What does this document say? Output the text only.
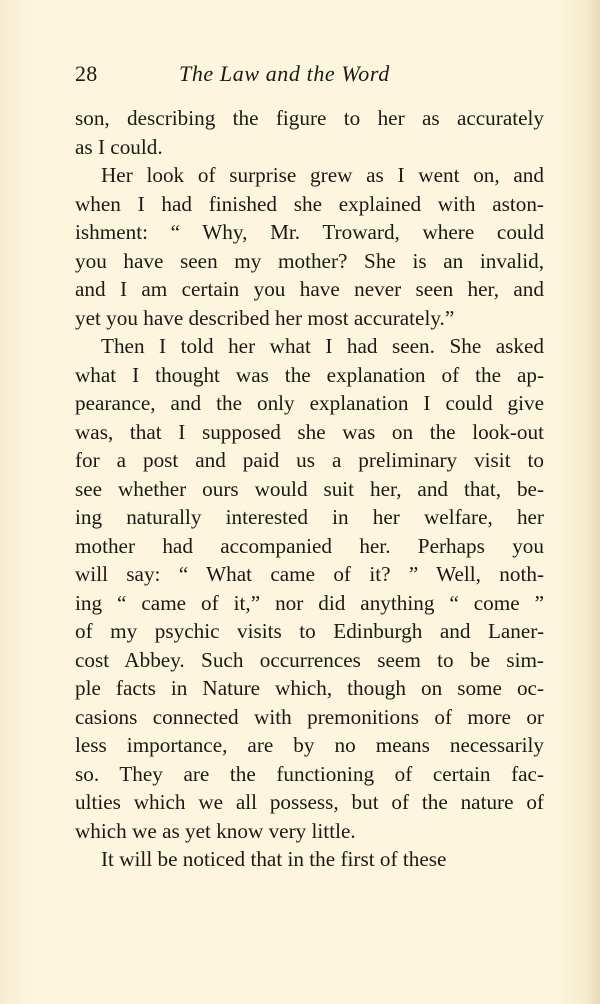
28	The Law and the Word
son, describing the figure to her as accurately
as I could.
Her look of surprise grew as I went on, and
when I had finished she explained with aston-
ishment: “ Why, Mr. Troward, where could
you have seen my mother? She is an invalid,
and I am certain you have never seen her, and
yet you have described her most accurately.”
Then I told her what I had seen. She asked
what I thought was the explanation of the ap-
pearance, and the only explanation I could give
was, that I supposed she was on the look-out
for a post and paid us a preliminary visit to
see whether ours would suit her, and that, be-
ing naturally interested in her welfare, her
mother had accompanied her. Perhaps you
will say: “ What came of it? ” Well, noth-
ing “ came of it,” nor did anything “ come ”
of my psychic visits to Edinburgh and Laner-
cost Abbey. Such occurrences seem to be sim-
ple facts in Nature which, though on some oc-
casions connected with premonitions of more or
less importance, are by no means necessarily
so. They are the functioning of certain fac-
ulties which we all possess, but of the nature of
which we as yet know very little.
It will be noticed that in the first of these
